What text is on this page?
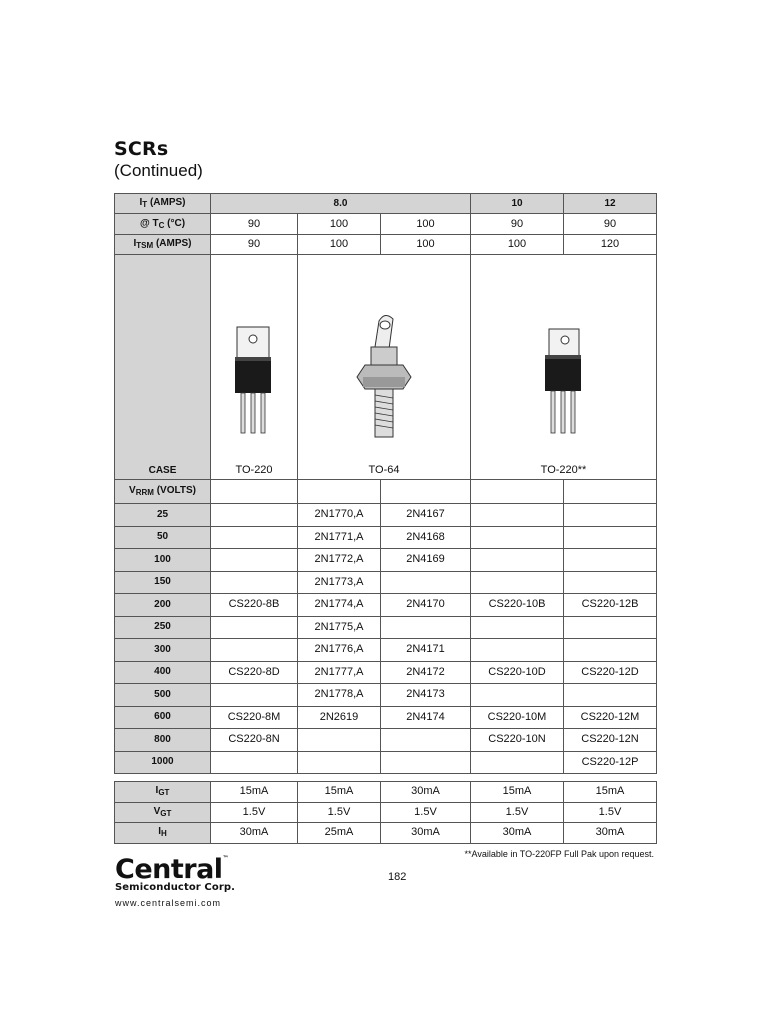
SCRs
(Continued)
$I_T$ (AMPS)	8.0			10	12
@ $T_C$ (°C)	90	100	100	90	90
$I_{TSM}$ (AMPS)	90	100	100	100	120
CASE	TO-220	TO-64		TO-220**	

$V_{RRM}$ (VOLTS)					
25		2N1770,A	2N4167		
50		2N1771,A	2N4168		
100		2N1772,A	2N4169		
150		2N1773,A			
200	CS220-8B	2N1774,A	2N4170	CS220-10B	CS220-12B
250		2N1775,A			
300		2N1776,A	2N4171		
400	CS220-8D	2N1777,A	2N4172	CS220-10D	CS220-12D
500		2N1778,A	2N4173		
600	CS220-8M	2N2619	2N4174	CS220-10M	CS220-12M
800	CS220-8N			CS220-10N	CS220-12N
1000					CS220-12P
$I_{GT}$	15mA	15mA	30mA	15mA	15mA
$V_{GT}$	1.5V	1.5V	1.5V	1.5V	1.5V
$I_H$	30mA	25mA	30mA	30mA	30mA
**Available in TO-220FP Full Pak upon request.
182
Central™
Semiconductor Corp.
www.centralsemi.com
